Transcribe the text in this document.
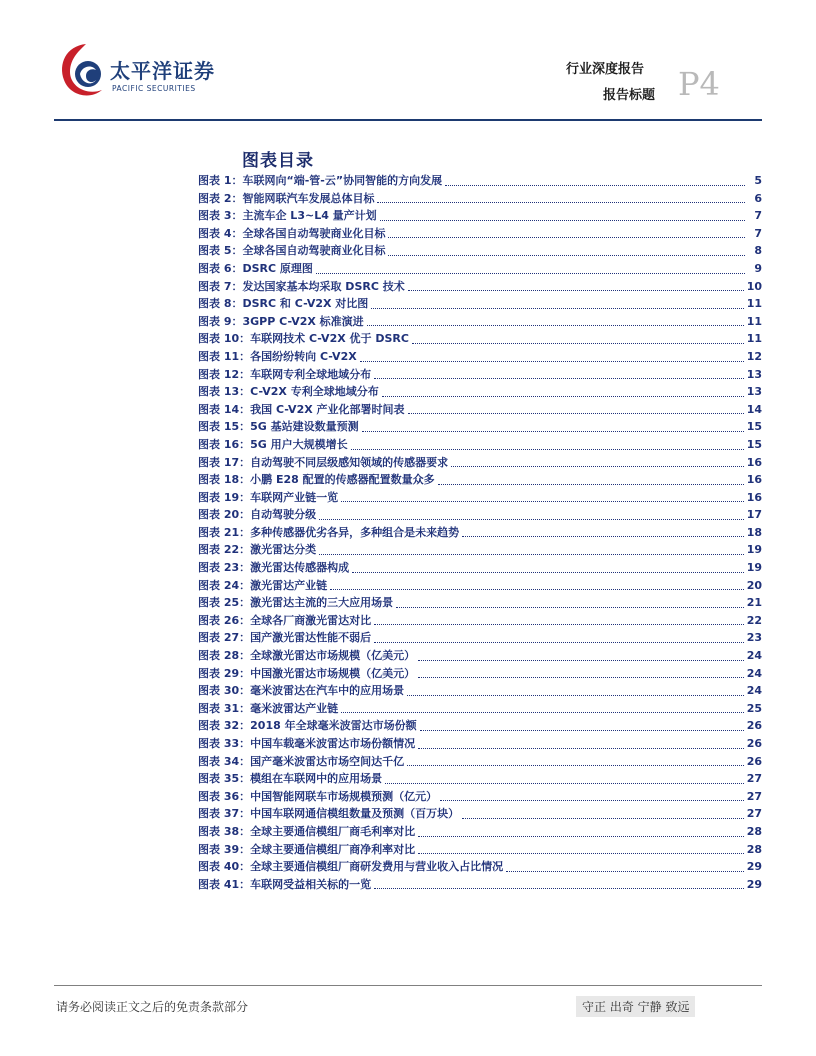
太平洋证券
PACIFIC SECURITIES
行业深度报告
报告标题 P4
图表目录
图表 1：车联网向“端-管-云”协同智能的方向发展	5
图表 2：智能网联汽车发展总体目标	6
图表 3：主流车企 L3~L4 量产计划	7
图表 4：全球各国自动驾驶商业化目标	7
图表 5：全球各国自动驾驶商业化目标	8
图表 6：DSRC 原理图	9
图表 7：发达国家基本均采取 DSRC 技术	10
图表 8：DSRC 和 C-V2X 对比图	11
图表 9：3GPP C-V2X 标准演进	11
图表 10：车联网技术 C-V2X 优于 DSRC	11
图表 11：各国纷纷转向 C-V2X	12
图表 12：车联网专利全球地域分布	13
图表 13：C-V2X 专利全球地域分布	13
图表 14：我国 C-V2X 产业化部署时间表	14
图表 15：5G 基站建设数量预测	15
图表 16：5G 用户大规模增长	15
图表 17：自动驾驶不同层级感知领域的传感器要求	16
图表 18：小鹏 E28 配置的传感器配置数量众多	16
图表 19：车联网产业链一览	16
图表 20：自动驾驶分级	17
图表 21：多种传感器优劣各异，多种组合是未来趋势	18
图表 22：激光雷达分类	19
图表 23：激光雷达传感器构成	19
图表 24：激光雷达产业链	20
图表 25：激光雷达主流的三大应用场景	21
图表 26：全球各厂商激光雷达对比	22
图表 27：国产激光雷达性能不弱后	23
图表 28：全球激光雷达市场规模（亿美元）	24
图表 29：中国激光雷达市场规模（亿美元）	24
图表 30：毫米波雷达在汽车中的应用场景	24
图表 31：毫米波雷达产业链	25
图表 32：2018 年全球毫米波雷达市场份额	26
图表 33：中国车载毫米波雷达市场份额情况	26
图表 34：国产毫米波雷达市场空间达千亿	26
图表 35：模组在车联网中的应用场景	27
图表 36：中国智能网联车市场规模预测（亿元）	27
图表 37：中国车联网通信模组数量及预测（百万块）	27
图表 38：全球主要通信模组厂商毛利率对比	28
图表 39：全球主要通信模组厂商净利率对比	28
图表 40：全球主要通信模组厂商研发费用与营业收入占比情况	29
图表 41：车联网受益相关标的一览	29
请务必阅读正文之后的免责条款部分	守正 出奇 宁静 致远
